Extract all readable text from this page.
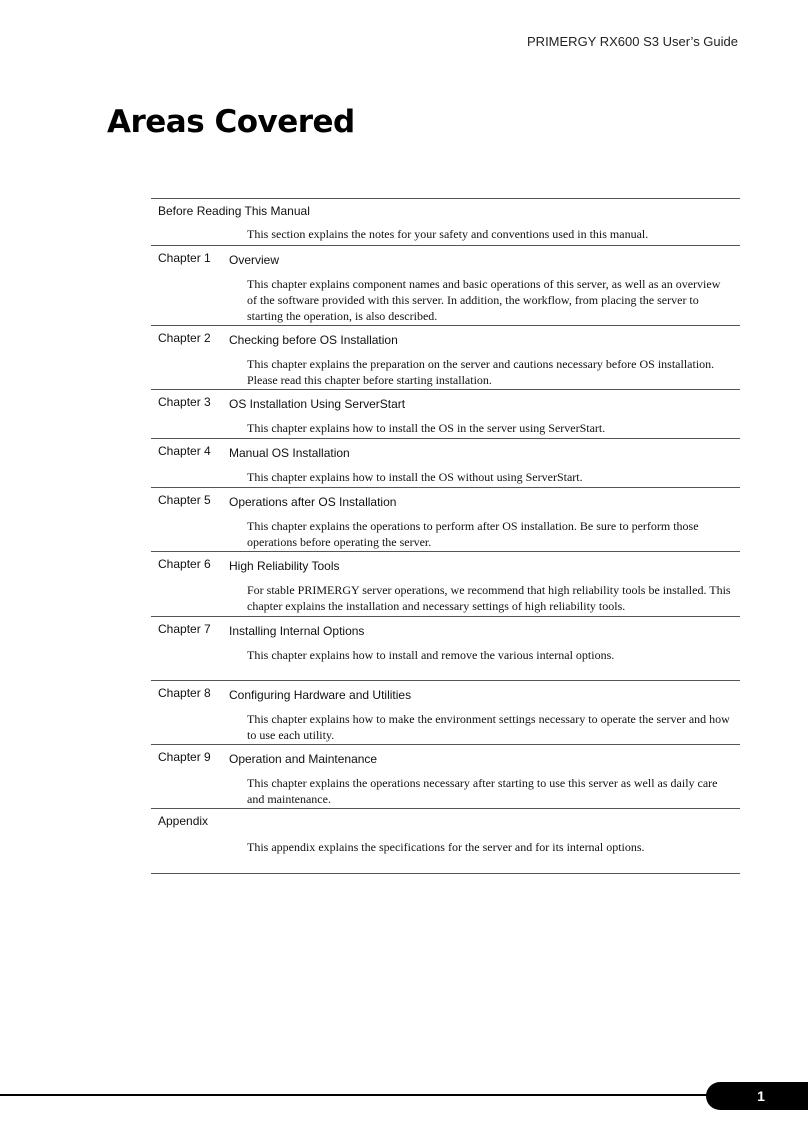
PRIMERGY RX600 S3 User’s Guide
Areas Covered
Before Reading This Manual
This section explains the notes for your safety and conventions used in this manual.
Chapter 1 Overview
This chapter explains component names and basic operations of this server, as well as an overview of the software provided with this server. In addition, the workflow, from placing the server to starting the operation, is also described.
Chapter 2 Checking before OS Installation
This chapter explains the preparation on the server and cautions necessary before OS installation. Please read this chapter before starting installation.
Chapter 3 OS Installation Using ServerStart
This chapter explains how to install the OS in the server using ServerStart.
Chapter 4 Manual OS Installation
This chapter explains how to install the OS without using ServerStart.
Chapter 5 Operations after OS Installation
This chapter explains the operations to perform after OS installation. Be sure to perform those operations before operating the server.
Chapter 6 High Reliability Tools
For stable PRIMERGY server operations, we recommend that high reliability tools be installed. This chapter explains the installation and necessary settings of high reliability tools.
Chapter 7 Installing Internal Options
This chapter explains how to install and remove the various internal options.
Chapter 8 Configuring Hardware and Utilities
This chapter explains how to make the environment settings necessary to operate the server and how to use each utility.
Chapter 9 Operation and Maintenance
This chapter explains the operations necessary after starting to use this server as well as daily care and maintenance.
Appendix
This appendix explains the specifications for the server and for its internal options.
1
